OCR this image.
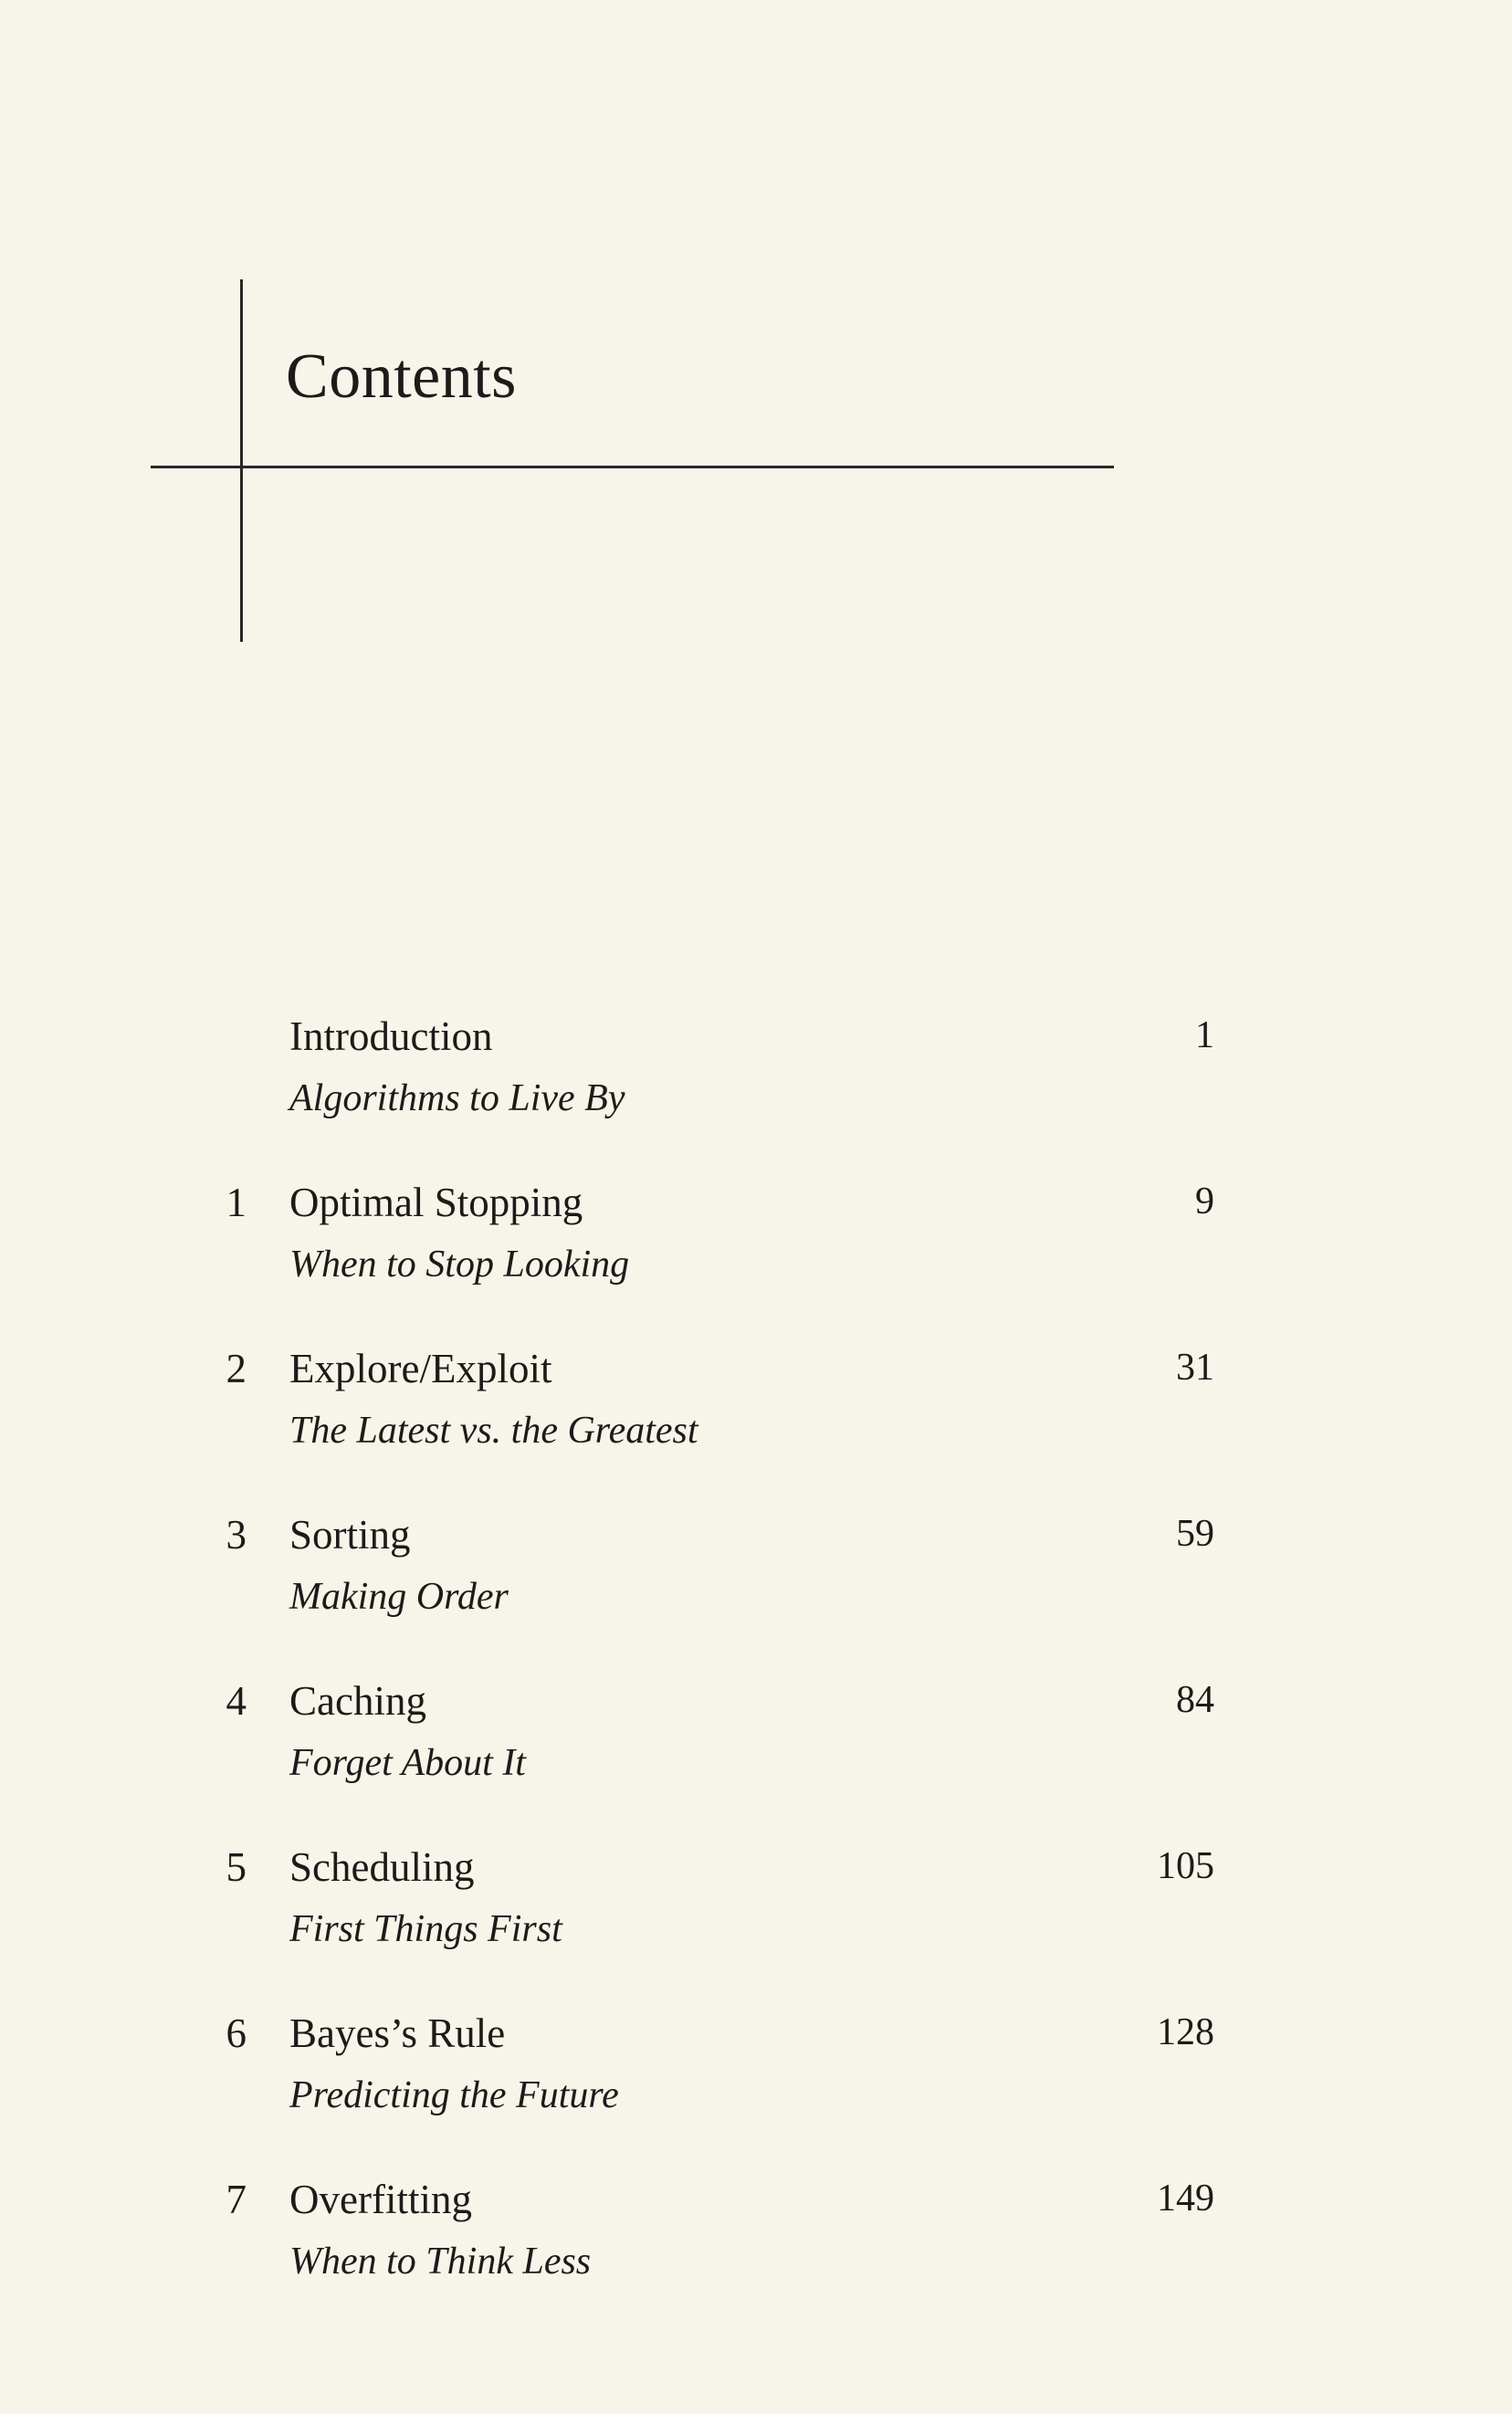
Contents
Introduction
Algorithms to Live By
1
1 Optimal Stopping
When to Stop Looking
9
2 Explore/Exploit
The Latest vs. the Greatest
31
3 Sorting
Making Order
59
4 Caching
Forget About It
84
5 Scheduling
First Things First
105
6 Bayes’s Rule
Predicting the Future
128
7 Overfitting
When to Think Less
149
